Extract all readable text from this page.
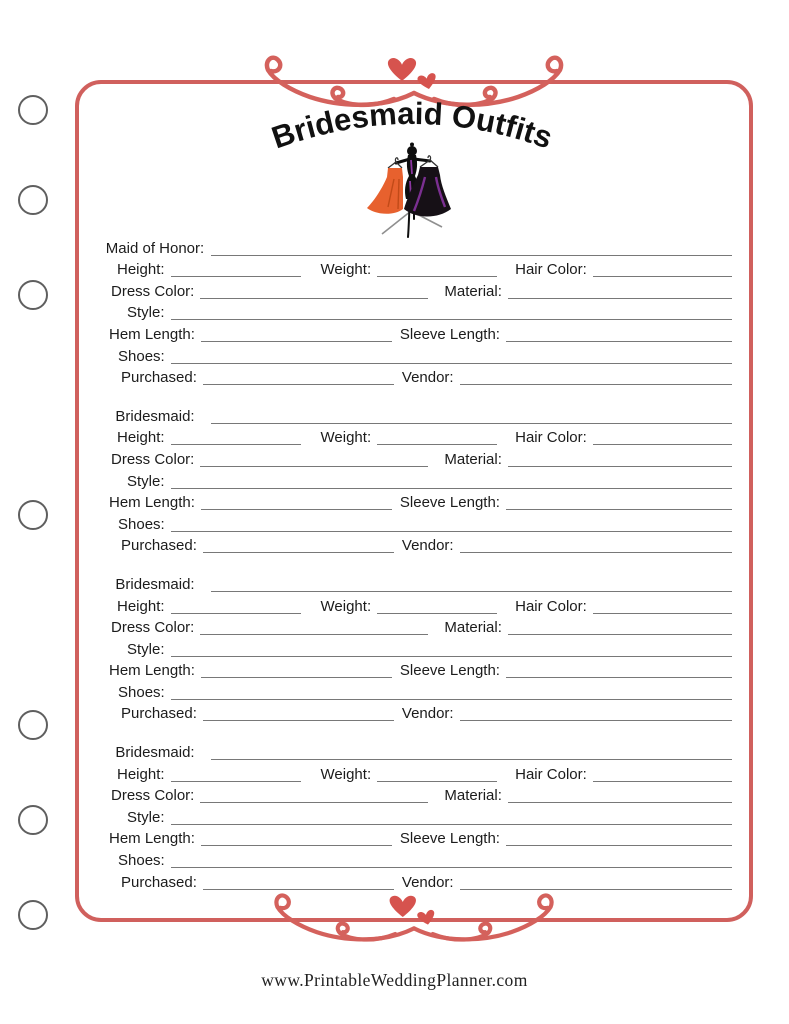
Bridesmaid Outfits
Maid of Honor:
Height:	Weight:	Hair Color:
Dress Color:	Material:
Style:
Hem Length:	Sleeve Length:
Shoes:
Purchased:	Vendor:
Bridesmaid:
Height:	Weight:	Hair Color:
Dress Color:	Material:
Style:
Hem Length:	Sleeve Length:
Shoes:
Purchased:	Vendor:
Bridesmaid:
Height:	Weight:	Hair Color:
Dress Color:	Material:
Style:
Hem Length:	Sleeve Length:
Shoes:
Purchased:	Vendor:
Bridesmaid:
Height:	Weight:	Hair Color:
Dress Color:	Material:
Style:
Hem Length:	Sleeve Length:
Shoes:
Purchased:	Vendor:
www.PrintableWeddingPlanner.com
